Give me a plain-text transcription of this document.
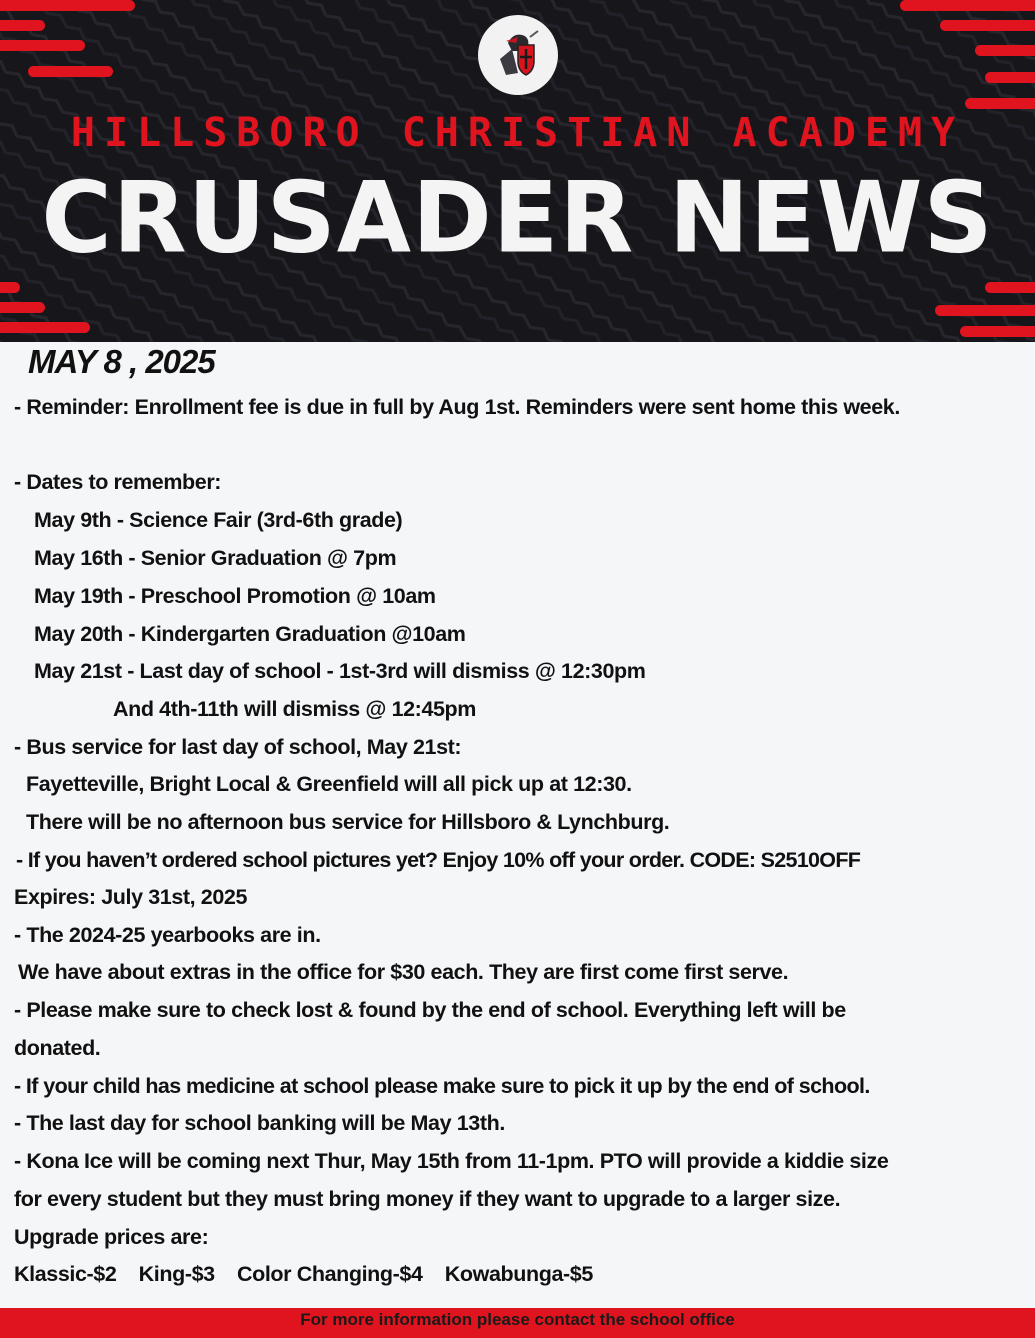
HILLSBORO CHRISTIAN ACADEMY
CRUSADER NEWS
MAY 8 , 2025
- Reminder: Enrollment fee is due in full by Aug 1st. Reminders were sent home this week.
- Dates to remember:
May 9th - Science Fair (3rd-6th grade)
May 16th - Senior Graduation @ 7pm
May 19th - Preschool Promotion @ 10am
May 20th - Kindergarten Graduation @10am
May 21st - Last day of school - 1st-3rd will dismiss @ 12:30pm
And 4th-11th will dismiss @ 12:45pm
- Bus service for last day of school, May 21st:
Fayetteville, Bright Local & Greenfield will all pick up at 12:30.
There will be no afternoon bus service for Hillsboro & Lynchburg.
- If you haven’t ordered school pictures yet? Enjoy 10% off your order. CODE: S2510OFF
Expires: July 31st, 2025
- The 2024-25 yearbooks are in.
We have about extras in the office for $30 each. They are first come first serve.
- Please make sure to check lost & found by the end of school. Everything left will be
donated.
- If your child has medicine at school please make sure to pick it up by the end of school.
- The last day for school banking will be May 13th.
- Kona Ice will be coming next Thur, May 15th from 11-1pm. PTO will provide a kiddie size
for every student but they must bring money if they want to upgrade to a larger size.
Upgrade prices are:
Klassic-$2    King-$3    Color Changing-$4    Kowabunga-$5
For more information please contact the school office
